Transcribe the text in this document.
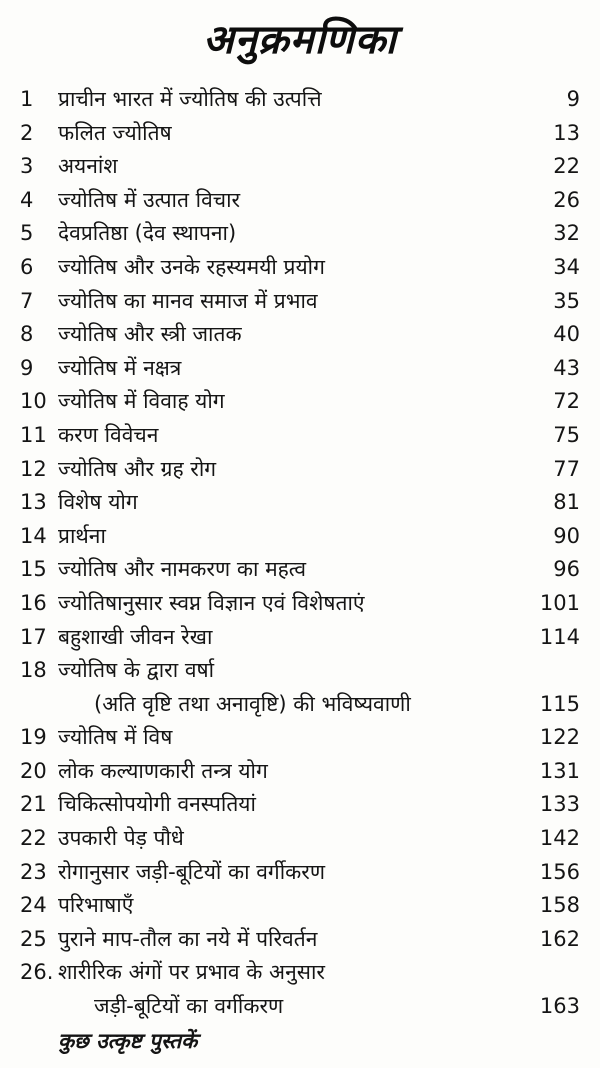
अनुक्रमणिका
1	प्राचीन भारत में ज्योतिष की उत्पत्ति	9
2	फलित ज्योतिष	13
3	अयनांश	22
4	ज्योतिष में उत्पात विचार	26
5	देवप्रतिष्ठा (देव स्थापना)	32
6	ज्योतिष और उनके रहस्यमयी प्रयोग	34
7	ज्योतिष का मानव समाज में प्रभाव	35
8	ज्योतिष और स्त्री जातक	40
9	ज्योतिष में नक्षत्र	43
10 ज्योतिष में विवाह योग	72
11 करण विवेचन	75
12 ज्योतिष और ग्रह रोग	77
13 विशेष योग	81
14 प्रार्थना	90
15 ज्योतिष और नामकरण का महत्व	96
16 ज्योतिषानुसार स्वप्न विज्ञान एवं विशेषताएं	101
17 बहुशाखी जीवन रेखा	114
18 ज्योतिष के द्वारा वर्षा
(अति वृष्टि तथा अनावृष्टि) की भविष्यवाणी	115
19 ज्योतिष में विष	122
20 लोक कल्याणकारी तन्त्र योग	131
21 चिकित्सोपयोगी वनस्पतियां	133
22 उपकारी पेड़ पौधे	142
23 रोगानुसार जड़ी-बूटियों का वर्गीकरण	156
24 परिभाषाएँ	158
25 पुराने माप-तौल का नये में परिवर्तन	162
26. शारीरिक अंगों पर प्रभाव के अनुसार
जड़ी-बूटियों का वर्गीकरण	163
कुछ उत्कृष्ट पुस्तकें
